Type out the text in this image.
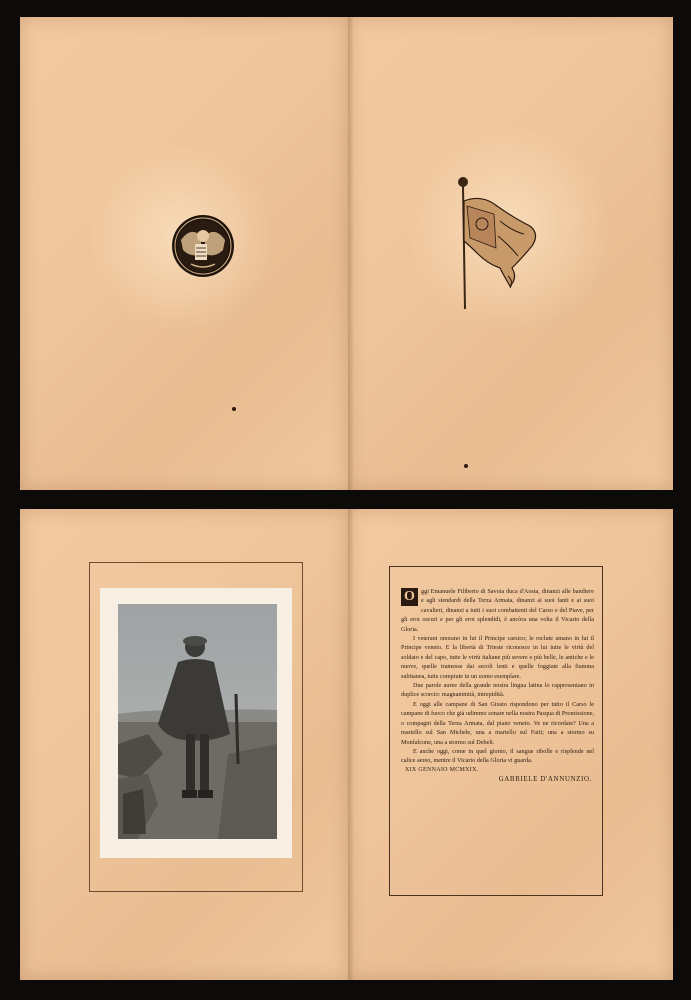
O ggi Emanuele Filiberto di Savoia duca d'Aosta, dinanzi alle bandiere e agli stendardi della Terza Armata, dinanzi ai suoi fanti e ai suoi cavalieri, dinanzi a tutti i suoi combattenti del Carso e del Piave, per gli eroi oscuri e per gli eroi splendidi, è ancòra una volta il Vicario della Gloria.

I veterani onorano in lui il Principe carsico; le reclute amano in lui il Principe veneto. E la libertà di Trieste riconosce in lui tutte le virtù del soldato e del capo, tutte le virtù italiane più severe e più belle, le antiche e le nuove, quelle tramesse dai secoli lenti e quelle foggiate alla fiamma subitanea, tutte compiute in un uomo esemplare.

Due parole auree della grande nostra lingua latina lo rappresentano in duplice scorcio: magnanimità, intrepidità.

E oggi alle campane di San Giusto rispondono per tutto il Carso le campane di fuoco che già udimmo sonare nella nostra Pasqua di Promissione, o compagni della Terza Armata, dal piano veneto. Ve ne ricordate? Una a martello sul San Michele, una a martello sul Faiti; una a stormo su Monfalcone, una a stormo sul Debeli.

E anche oggi, come in quel giorno, il sangue ribolle e risplende nel calice aereo, mentre il Vicario della Gloria vi guarda.

XIX GENNAIO MCMXIX.

GABRIELE D'ANNUNZIO.
